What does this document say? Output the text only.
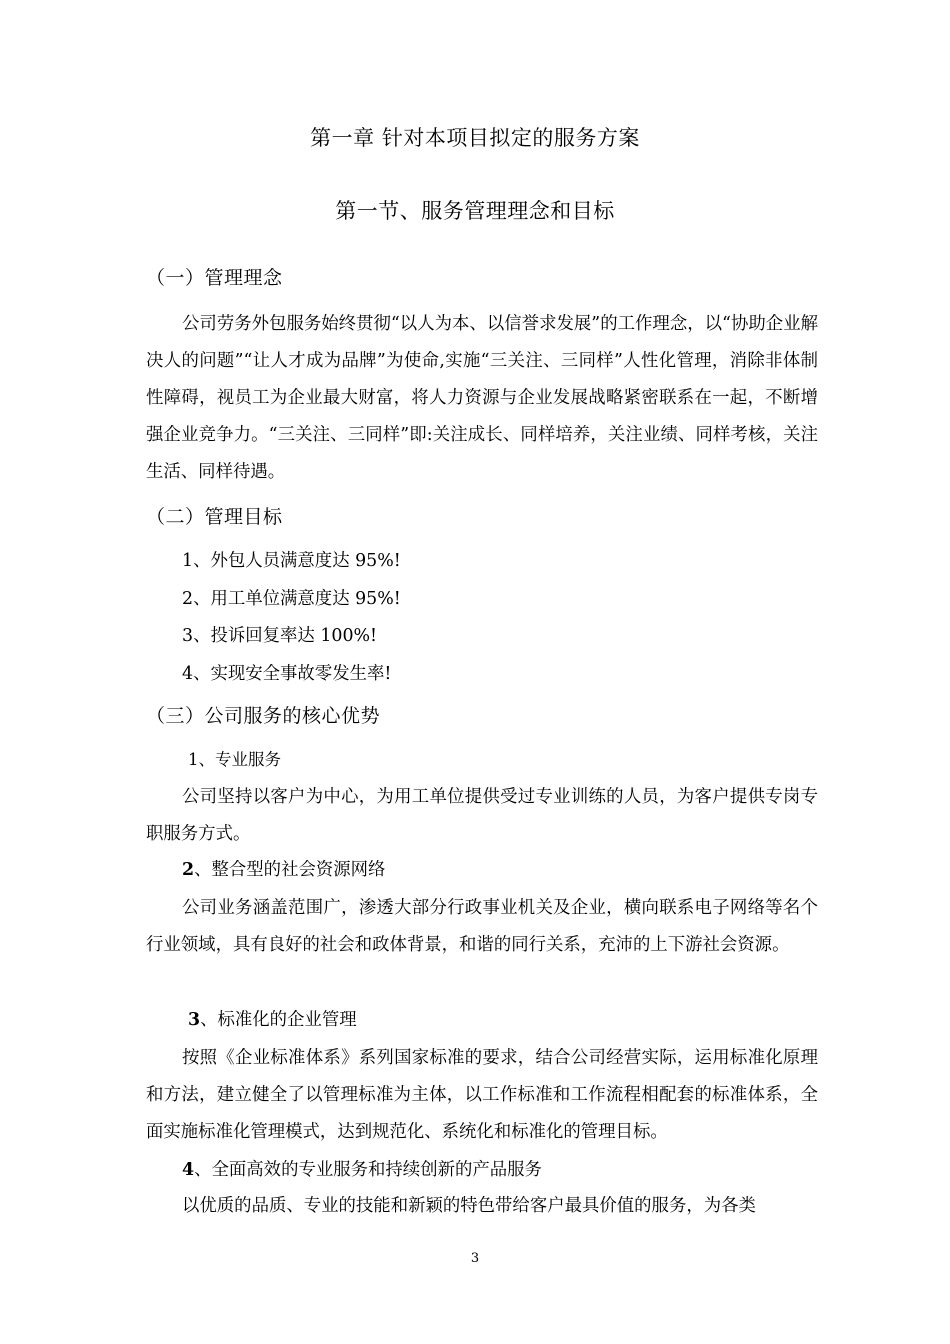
第一章 针对本项目拟定的服务方案
第一节、服务管理理念和目标
（一）管理理念

公司劳务外包服务始终贯彻“以人为本、以信誉求发展”的工作理念，以“协助企业解决人的问题”“让人才成为品牌”为使命,实施“三关注、三同样”人性化管理，消除非体制性障碍，视员工为企业最大财富，将人力资源与企业发展战略紧密联系在一起，不断增强企业竞争力。“三关注、三同样”即:关注成长、同样培养，关注业绩、同样考核，关注生活、同样待遇。

（二）管理目标
1、外包人员满意度达 95%!
2、用工单位满意度达 95%!
3、投诉回复率达 100%!
4、实现安全事故零发生率!
（三）公司服务的核心优势
1、专业服务

公司坚持以客户为中心，为用工单位提供受过专业训练的人员，为客户提供专岗专职服务方式。

2、整合型的社会资源网络

公司业务涵盖范围广，渗透大部分行政事业机关及企业，横向联系电子网络等名个行业领域，具有良好的社会和政体背景，和谐的同行关系，充沛的上下游社会资源。

3、标准化的企业管理

按照《企业标准体系》系列国家标准的要求，结合公司经营实际，运用标准化原理和方法，建立健全了以管理标准为主体，以工作标准和工作流程相配套的标准体系，全面实施标准化管理模式，达到规范化、系统化和标准化的管理目标。

4、全面高效的专业服务和持续创新的产品服务

以优质的品质、专业的技能和新颖的特色带给客户最具价值的服务，为各类

3
